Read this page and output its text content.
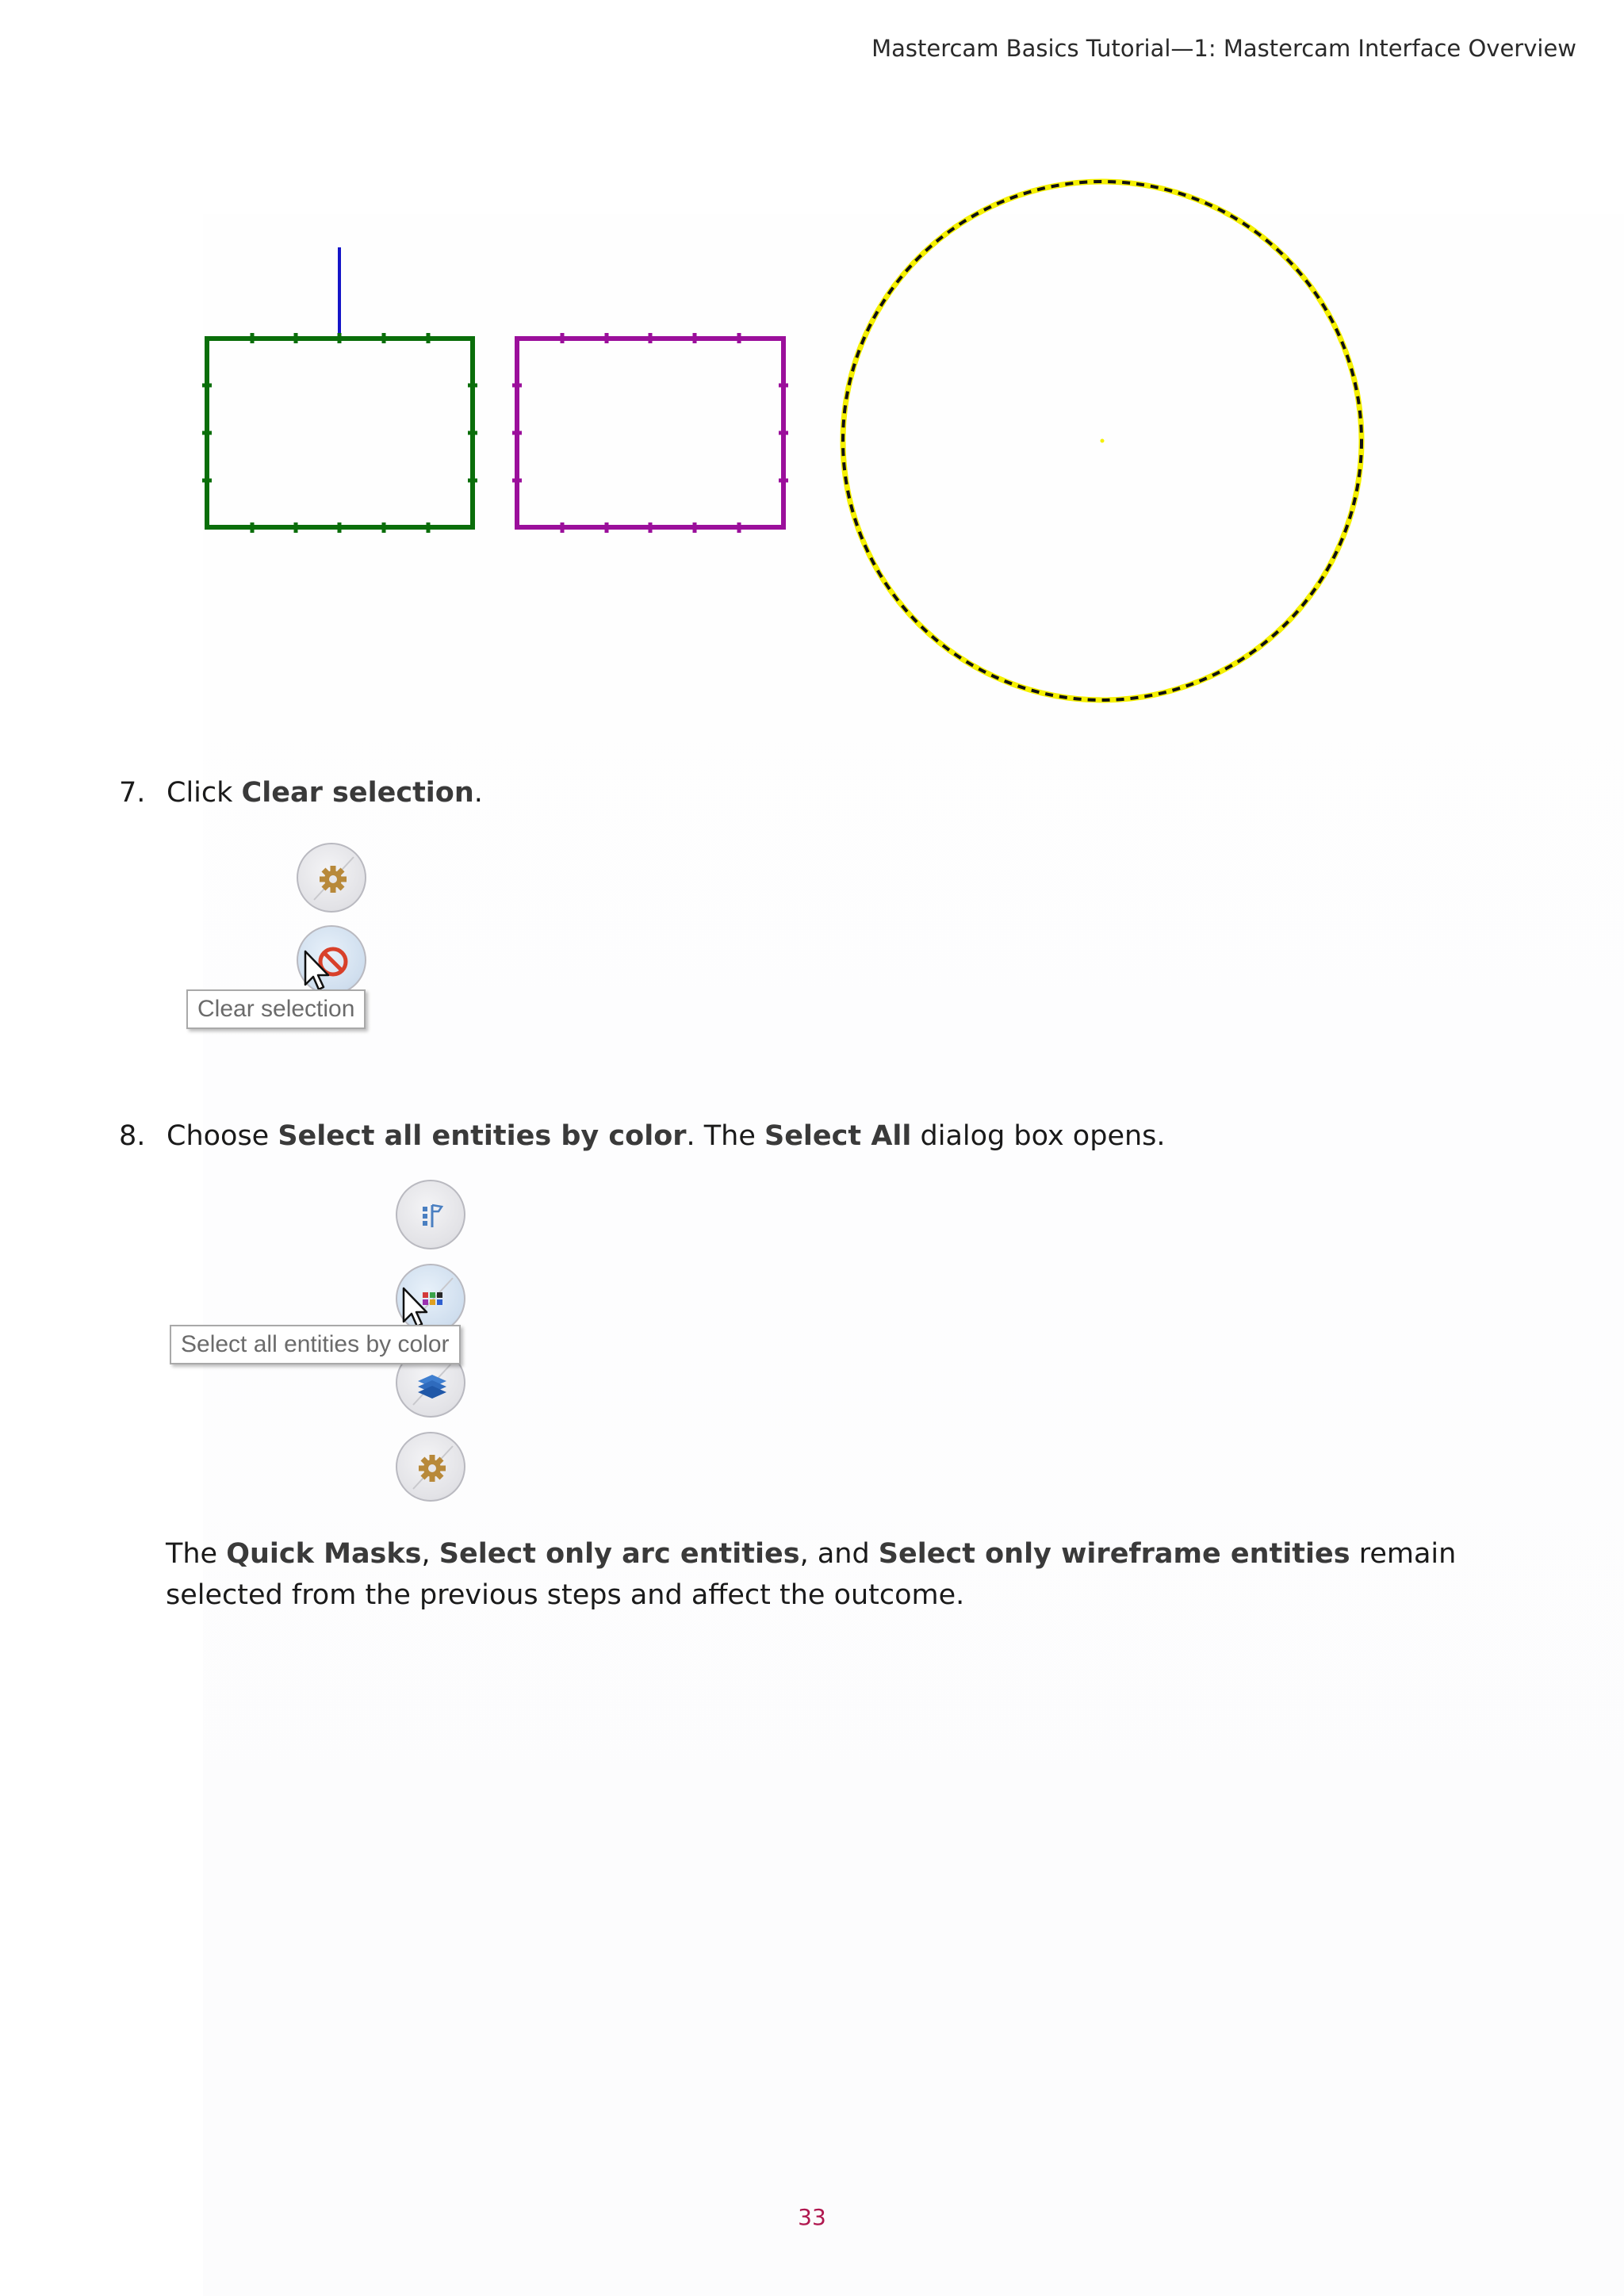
Mastercam Basics Tutorial—1: Mastercam Interface Overview
7. Click Clear selection.
Clear selection
8. Choose Select all entities by color. The Select All dialog box opens.
Select all entities by color
The Quick Masks, Select only arc entities, and Select only wireframe entities remain selected from the previous steps and affect the outcome.
33
